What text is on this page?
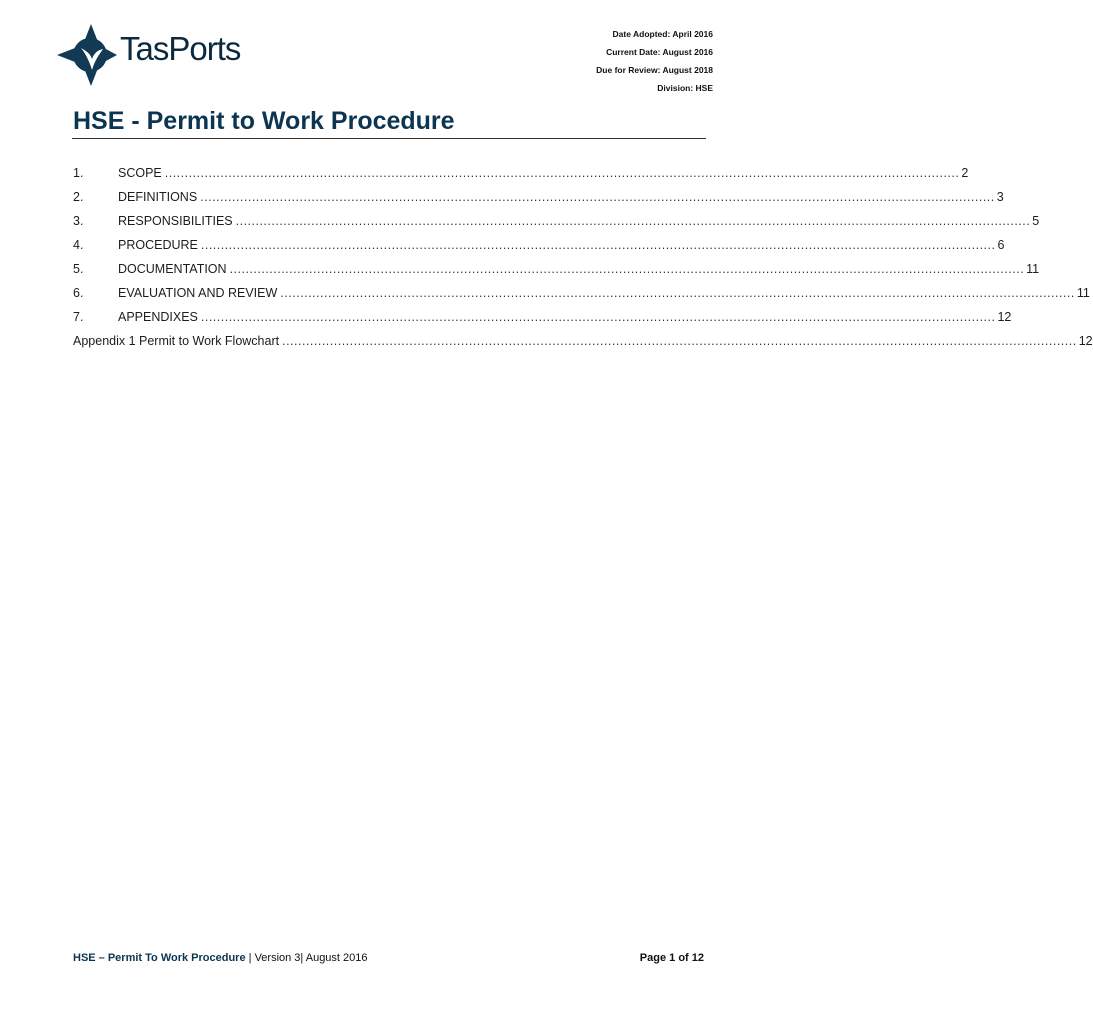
TasPorts	Date Adopted: April 2016
Current Date: August 2016
Due for Review: August 2018
Division: HSE
HSE - Permit to Work Procedure
1.	SCOPE ........................................................................................................................................................................................................ 2
2.	DEFINITIONS ........................................................................................................................................................................................................ 3
3.	RESPONSIBILITIES ........................................................................................................................................................................................................ 5
4.	PROCEDURE ........................................................................................................................................................................................................ 6
5.	DOCUMENTATION ........................................................................................................................................................................................................ 11
6.	EVALUATION AND REVIEW ........................................................................................................................................................................................................ 11
7.	APPENDIXES ........................................................................................................................................................................................................ 12
Appendix 1 Permit to Work Flowchart ........................................................................................................................................................................................................ 12
HSE – Permit To Work Procedure | Version 3| August 2016	Page 1 of 12
